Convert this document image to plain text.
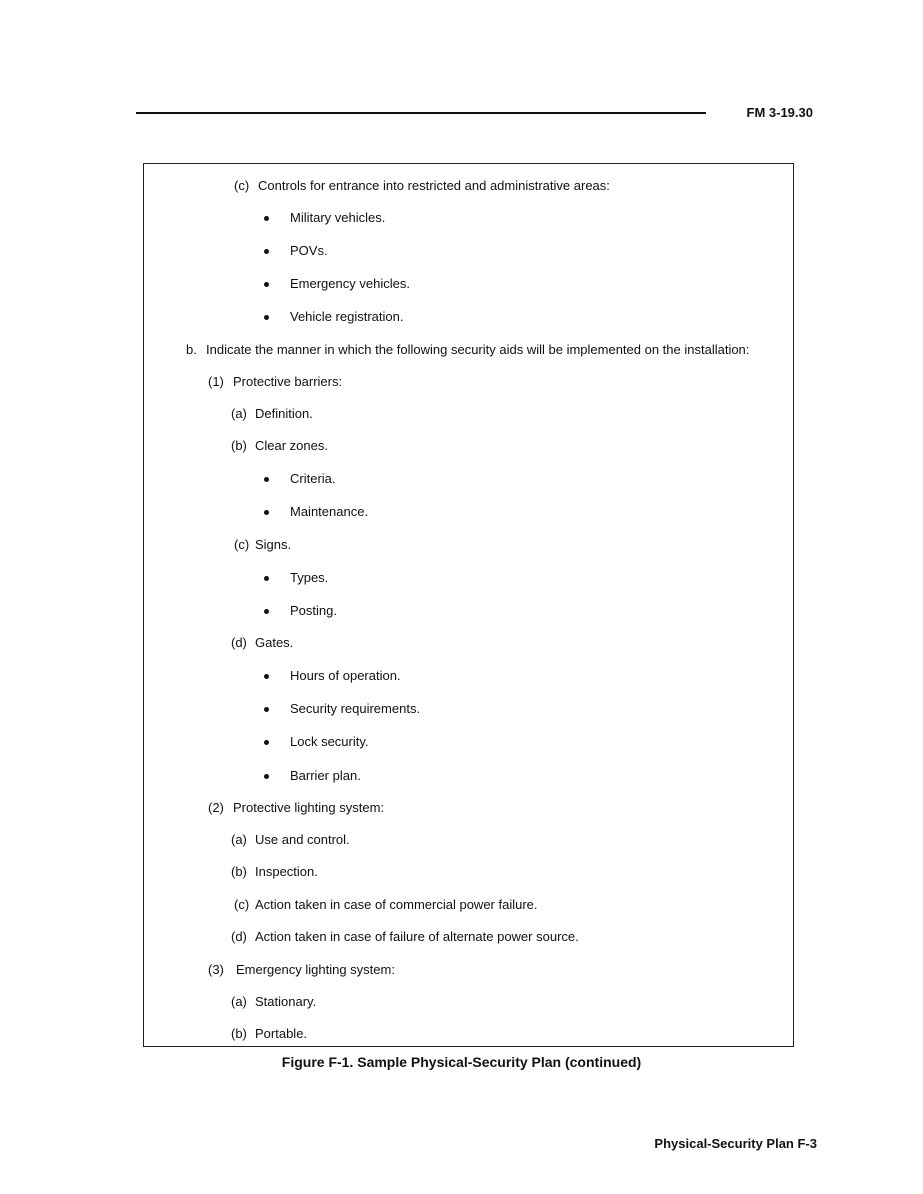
FM 3-19.30
(c) Controls for entrance into restricted and administrative areas:
Military vehicles.
POVs.
Emergency vehicles.
Vehicle registration.
b. Indicate the manner in which the following security aids will be implemented on the installation:
(1) Protective barriers:
(a) Definition.
(b) Clear zones.
Criteria.
Maintenance.
(c) Signs.
Types.
Posting.
(d) Gates.
Hours of operation.
Security requirements.
Lock security.
Barrier plan.
(2) Protective lighting system:
(a) Use and control.
(b) Inspection.
(c) Action taken in case of commercial power failure.
(d) Action taken in case of failure of alternate power source.
(3) Emergency lighting system:
(a) Stationary.
(b) Portable.
Figure F-1. Sample Physical-Security Plan (continued)
Physical-Security Plan F-3
